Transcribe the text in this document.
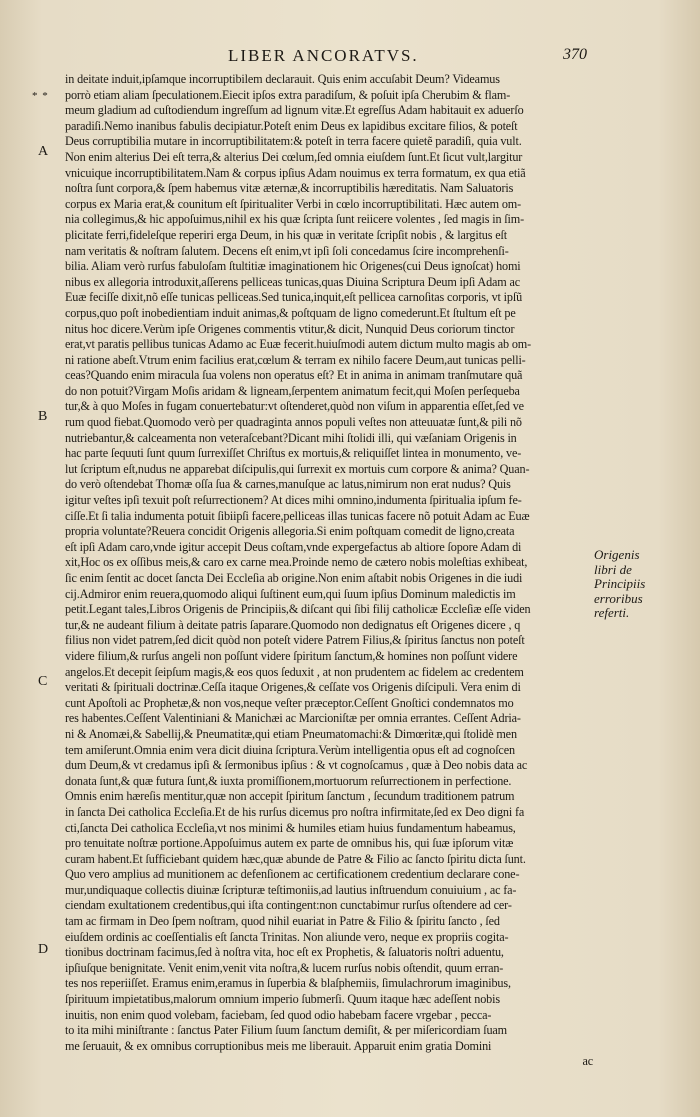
LIBER ANCORATVS.	370
* *
A
B
C
D
in deitate induit,ipſamque incorruptibilem declarauit. Quis enim accuſabit Deum? Videamus
porrò etiam aliam ſpeculationem.Eiecit ipſos extra paradiſum, & poſuit ipſa Cherubim & flam-
meum gladium ad cuſtodiendum ingreſſum ad lignum vitæ.Et egreſſus Adam habitauit ex aduerſo
paradiſi.Nemo inanibus fabulis decipiatur.Poteſt enim Deus ex lapidibus excitare filios, & poteſt
Deus corruptibilia mutare in incorruptibilitatem:& poteſt in terra facere quietẽ paradiſi, quia vult.
Non enim alterius Dei eſt terra,& alterius Dei cœlum,ſed omnia eiuſdem ſunt.Et ſicut vult,largitur
vnicuique incorruptibilitatem.Nam & corpus ipſius Adam nouimus ex terra formatum, ex qua etiã
noſtra ſunt corpora,& ſpem habemus vitæ æternæ,& incorruptibilis hæreditatis. Nam Saluatoris
corpus ex Maria erat,& counitum eſt ſpiritualiter Verbi in cœlo incorruptibilitati. Hæc autem om-
nia collegimus,& hic appoſuimus,nihil ex his quæ ſcripta ſunt reiicere volentes , ſed magis in ſim-
plicitate ferri,fideleſque reperiri erga Deum, in his quæ in veritate ſcripſit nobis , & largitus eſt
nam veritatis & noſtram ſalutem. Decens eſt enim,vt ipſi ſoli concedamus ſcire incomprehenſi-
bilia. Aliam verò rurſus fabuloſam ſtultitiæ imaginationem hic Origenes(cui Deus ignoſcat) homi
nibus ex allegoria introduxit,aſſerens pelliceas tunicas,quas Diuina Scriptura Deum ipſi Adam ac
Euæ feciſſe dixit,nõ eſſe tunicas pelliceas.Sed tunica,inquit,eſt pellicea carnoſitas corporis, vt ipſũ
corpus,quo poſt inobedientiam induit animas,& poſtquam de ligno comederunt.Et ſtultum eſt pe
nitus hoc dicere.Verùm ipſe Origenes commentis vtitur,& dicit, Nunquid Deus coriorum tinctor
erat,vt paratis pellibus tunicas Adamo ac Euæ fecerit.huiuſmodi autem dictum multo magis ab om-
ni ratione abeſt.Vtrum enim facilius erat,cœlum & terram ex nihilo facere Deum,aut tunicas pelli-
ceas?Quando enim miracula ſua volens non operatus eſt? Et in anima in animam tranſmutare quã
do non potuit?Virgam Moſis aridam & ligneam,ſerpentem animatum fecit,qui Moſen perſequeba
tur,& à quo Moſes in fugam conuertebatur:vt oſtenderet,quòd non viſum in apparentia eſſet,ſed ve
rum quod fiebat.Quomodo verò per quadraginta annos populi veſtes non atteuuatæ ſunt,& pili nõ
nutriebantur,& calceamenta non veteraſcebant?Dicant mihi ſtolidi illi, qui væſaniam Origenis in
hac parte ſequuti ſunt quum ſurrexiſſet Chriſtus ex mortuis,& reliquiſſet lintea in monumento, ve-
lut ſcriptum eſt,nudus ne apparebat diſcipulis,qui ſurrexit ex mortuis cum corpore & anima? Quan-
do verò oſtendebat Thomæ oſſa ſua & carnes,manuſque ac latus,nimirum non erat nudus? Quis
igitur veſtes ipſi texuit poſt reſurrectionem? At dices mihi omnino,indumenta ſpiritualia ipſum fe-
ciſſe.Et ſi talia indumenta potuit ſibiipſi facere,pelliceas illas tunicas facere nõ potuit Adam ac Euæ
propria voluntate?Reuera concidit Origenis allegoria.Si enim poſtquam comedit de ligno,creata
eſt ipſi Adam caro,vnde igitur accepit Deus coſtam,vnde expergefactus ab altiore ſopore Adam di
xit,Hoc os ex oſſibus meis,& caro ex carne mea.Proinde nemo de cætero nobis moleſtias exhibeat,
ſic enim ſentit ac docet ſancta Dei Eccleſia ab origine.Non enim aſtabit nobis Origenes in die iudi
cij.Admiror enim reuera,quomodo aliqui ſuſtinent eum,qui ſuum ipſius Dominum maledictis im
petit.Legant tales,Libros Origenis de Principiis,& diſcant qui ſibi filij catholicæ Eccleſiæ eſſe viden
tur,& ne audeant filium à deitate patris ſaparare.Quomodo non dedignatus eſt Origenes dicere , q
filius non videt patrem,ſed dicit quòd non poteſt videre Patrem Filius,& ſpiritus ſanctus non poteſt
videre filium,& rurſus angeli non poſſunt videre ſpiritum ſanctum,& homines non poſſunt videre
angelos.Et decepit ſeipſum magis,& eos quos ſeduxit , at non prudentem ac fidelem ac credentem
veritati & ſpirituali doctrinæ.Ceſſa itaque Origenes,& ceſſate vos Origenis diſcipuli. Vera enim di
cunt Apoſtoli ac Prophetæ,& non vos,neque veſter præceptor.Ceſſent Gnoſtici condemnatos mo
res habentes.Ceſſent Valentiniani & Manichæi ac Marcioniſtæ per omnia errantes. Ceſſent Adria-
ni & Anomæi,& Sabellij,& Pneumatitæ,qui etiam Pneumatomachi:& Dimœritæ,qui ſtolidè men
tem amiſerunt.Omnia enim vera dicit diuina ſcriptura.Verùm intelligentia opus eſt ad cognoſcen
dum Deum,& vt credamus ipſi & ſermonibus ipſius : & vt cognoſcamus , quæ à Deo nobis data ac
donata ſunt,& quæ futura ſunt,& iuxta promiſſionem,mortuorum reſurrectionem in perfectione.
Omnis enim hæreſis mentitur,quæ non accepit ſpiritum ſanctum , ſecundum traditionem patrum
in ſancta Dei catholica Eccleſia.Et de his rurſus dicemus pro noſtra infirmitate,ſed ex Deo digni fa
cti,ſancta Dei catholica Eccleſia,vt nos minimi & humiles etiam huius fundamentum habeamus,
pro tenuitate noſtræ portione.Appoſuimus autem ex parte de omnibus his, qui ſuæ ipſorum vitæ
curam habent.Et ſufficiebant quidem hæc,quæ abunde de Patre & Filio ac ſancto ſpiritu dicta ſunt.
Quo vero amplius ad munitionem ac defenſionem ac certificationem credentium declarare cone-
mur,undiquaque collectis diuinæ ſcripturæ teſtimoniis,ad lautius inſtruendum conuiuium , ac fa-
ciendam exultationem credentibus,qui iſta contingent:non cunctabimur rurſus oſtendere ad cer-
tam ac firmam in Deo ſpem noſtram, quod nihil euariat in Patre & Filio & ſpiritu ſancto , ſed
eiuſdem ordinis ac coeſſentialis eſt ſancta Trinitas. Non aliunde vero, neque ex propriis cogita-
tionibus doctrinam facimus,ſed à noſtra vita, hoc eſt ex Prophetis, & ſaluatoris noſtri aduentu,
ipſiuſque benignitate. Venit enim,venit vita noſtra,& lucem rurſus nobis oſtendit, quum erran-
tes nos reperiiſſet. Eramus enim,eramus in ſuperbia & blaſphemiis, ſimulachrorum imaginibus,
ſpirituum impietatibus,malorum omnium imperio ſubmerſi. Quum itaque hæc adeſſent nobis
inuitis, non enim quod volebam, faciebam, ſed quod odio habebam facere vrgebar , pecca-
to ita mihi miniſtrante : ſanctus Pater Filium ſuum ſanctum demiſit, & per miſericordiam ſuam
me ſeruauit, & ex omnibus corruptionibus meis me liberauit. Apparuit enim gratia Domini
ac
Origenis
libri de
Principiis
erroribus
referti.
